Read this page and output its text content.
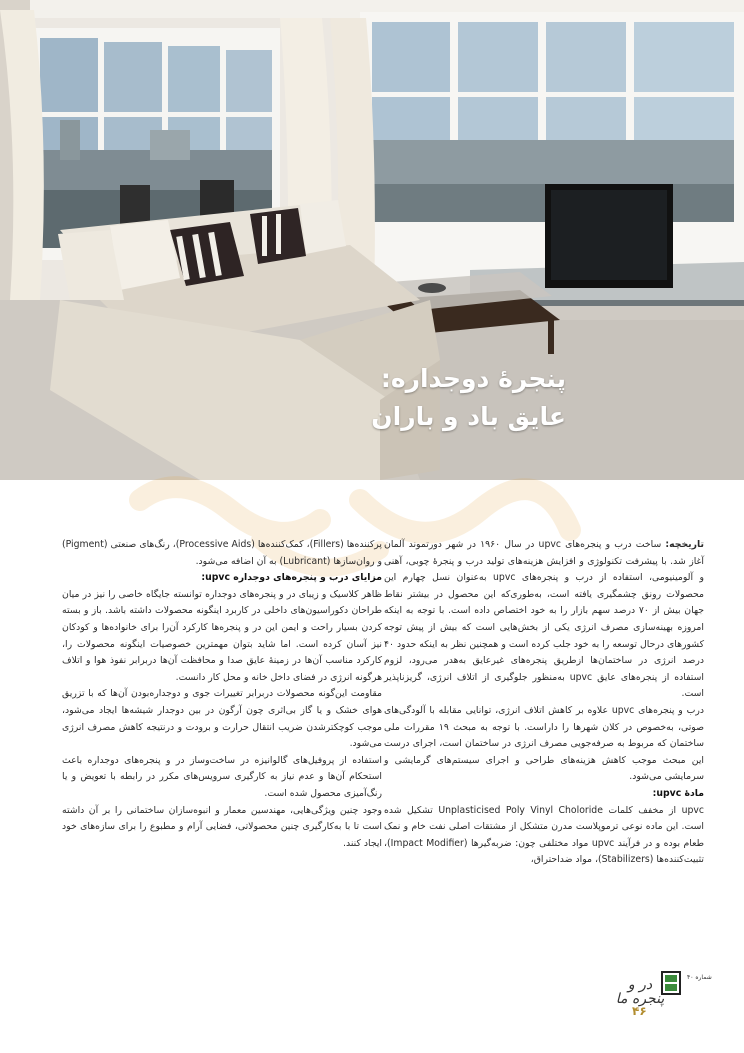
پنجرۀ دوجداره:
عایق باد و باران

تاریخچه: ساخت درب و پنجره‌های upvc در سال ۱۹۶۰ در شهر دورتموند آلمان آغاز شد. با پیشرفت تکنولوژی و افزایش هزینه‌های تولید درب و پنجرۀ چوبی، آهنی و آلومینیومی، استفاده از درب و پنجره‌های upvc به‌عنوان نسل چهارم این محصولات رونق چشمگیری یافته است، به‌طوری‌که این محصول در بیشتر نقاط جهان بیش از ۷۰ درصد سهم بازار را به خود اختصاص داده است. با توجه به اینکه امروزه بهینه‌سازی مصرف انرژی یکی از بخش‌هایی است که بیش از پیش توجه کشورهای درحال توسعه را به خود جلب کرده است و همچنین نظر به اینکه حدود ۴۰ درصد انرژی در ساختمان‌ها ازطریق پنجره‌های غیرعایق به‌هدر می‌رود، لزوم استفاده از پنجره‌های عایق upvc به‌منظور جلوگیری از اتلاف انرژی، گریزناپذیر است.

درب و پنجره‌های upvc علاوه بر کاهش اتلاف انرژی، توانایی مقابله با آلودگی‌های صوتی، به‌خصوص در کلان شهرها را داراست. با توجه به مبحث ۱۹ مقررات ملی ساختمان که مربوط به صرفه‌جویی مصرف انرژی در ساختمان است، اجرای درست این مبحث موجب کاهش هزینه‌های طراحی و اجرای سیستم‌های گرمایشی و سرمایشی می‌شود.

مادۀ upvc:

upvc از مخفف کلمات Unplasticised Poly Vinyl Choloride تشکیل شده است. این ماده نوعی ترموپلاست مدرن متشکل از مشتقات اصلی نفت خام و نمک طعام بوده و در فرآیند upvc مواد مختلفی چون: ضربه‌گیرها (Impact Modifier)، تثبیت‌کننده‌ها (Stabilizers)، مواد ضداحتراق،

پرکننده‌ها (Fillers)، کمک‌کننده‌ها (Processive Aids)، رنگ‌های صنعتی (Pigment) و روان‌سازها (Lubricant) به آن اضافه می‌شود.

مزایای درب و پنجره‌های دوجداره upvc:

ظاهر کلاسیک و زیبای در و پنجره‌های دوجداره توانسته جایگاه خاصی را نیز در میان طراحان دکوراسیون‌های داخلی در کاربرد اینگونه محصولات داشته باشد. باز و بسته کردن بسیار راحت و ایمن این در و پنجره‌ها کارکرد آن‌را برای خانواده‌ها و کودکان نیز آسان کرده است. اما شاید بتوان مهمترین خصوصیات اینگونه محصولات را، کارکرد مناسب آن‌ها در زمینۀ عایق صدا و محافظت آن‌ها دربرابر نفوذ هوا و اتلاف هرگونه انرژی در فضای داخل خانه و محل کار دانست.

مقاومت این‌گونه محصولات دربرابر تغییرات جوی و دوجداره‌بودن آن‌ها که با تزریق هوای خشک و یا گاز بی‌اثری چون آرگون در بین دوجدار شیشه‌ها ایجاد می‌شود، موجب کوچکترشدن ضریب انتقال حرارت و برودت و درنتیجه کاهش مصرف انرژی می‌شود.

استفاده از پروفیل‌های گالوانیزه در ساخت‌وساز در و پنجره‌های دوجداره باعث استحکام آن‌ها و عدم نیاز به کارگیری سرویس‌های مکرر در رابطه با تعویض و یا رنگ‌آمیزی محصول شده است.

وجود چنین ویژگی‌هایی، مهندسین معمار و انبوه‌سازان ساختمانی را بر آن داشته است تا با به‌کارگیری چنین محصولاتی، فضایی آرام و مطبوع را برای سازه‌های خود ایجاد کنند.

شماره ۴۰
در و پنجره ما
۴۶
